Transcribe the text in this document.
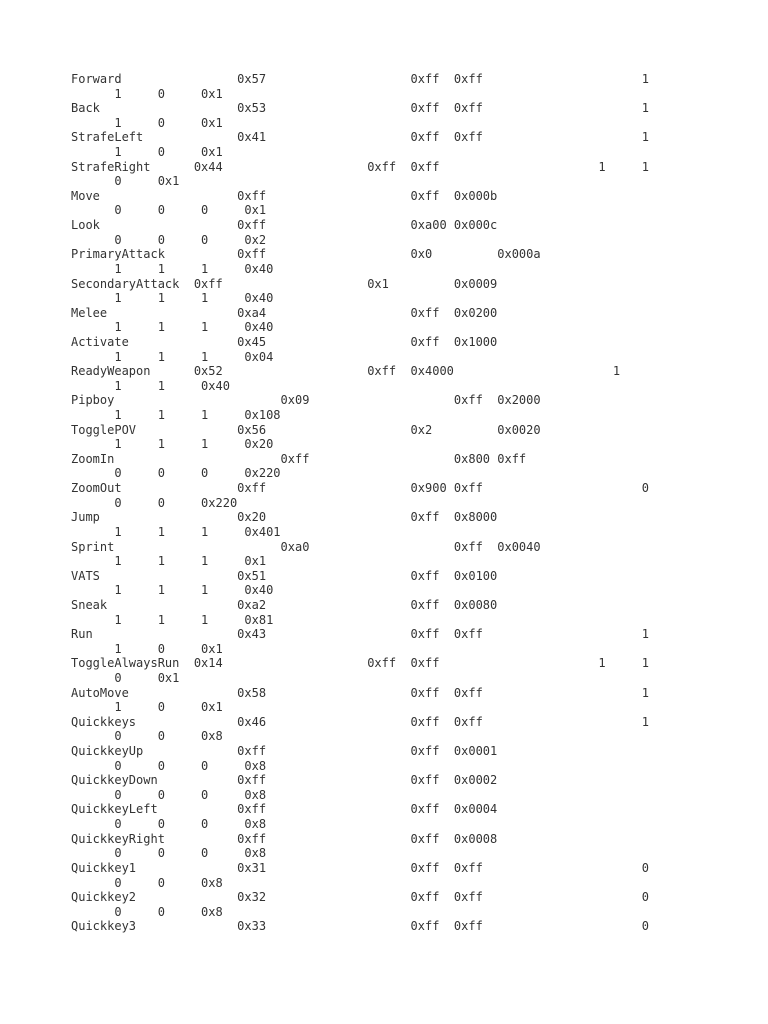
Forward                0x57                    0xff  0xff                      1
1     0     0x1
Back                   0x53                    0xff  0xff                      1
1     0     0x1
StrafeLeft             0x41                    0xff  0xff                      1
1     0     0x1
StrafeRight      0x44                    0xff  0xff                      1     1
0     0x1
Move                   0xff                    0xff  0x000b
0     0     0     0x1
Look                   0xff                    0xa00 0x000c
0     0     0     0x2
PrimaryAttack          0xff                    0x0         0x000a
1     1     1     0x40
SecondaryAttack  0xff                    0x1         0x0009
1     1     1     0x40
Melee                  0xa4                    0xff  0x0200
1     1     1     0x40
Activate               0x45                    0xff  0x1000
1     1     1     0x04
ReadyWeapon      0x52                    0xff  0x4000                      1
1     1     0x40
Pipboy                       0x09                    0xff  0x2000
1     1     1     0x108
TogglePOV              0x56                    0x2         0x0020
1     1     1     0x20
ZoomIn                       0xff                    0x800 0xff
0     0     0     0x220
ZoomOut                0xff                    0x900 0xff                      0
0     0     0x220
Jump                   0x20                    0xff  0x8000
1     1     1     0x401
Sprint                       0xa0                    0xff  0x0040
1     1     1     0x1
VATS                   0x51                    0xff  0x0100
1     1     1     0x40
Sneak                  0xa2                    0xff  0x0080
1     1     1     0x81
Run                    0x43                    0xff  0xff                      1
1     0     0x1
ToggleAlwaysRun  0x14                    0xff  0xff                      1     1
0     0x1
AutoMove               0x58                    0xff  0xff                      1
1     0     0x1
Quickkeys              0x46                    0xff  0xff                      1
0     0     0x8
QuickkeyUp             0xff                    0xff  0x0001
0     0     0     0x8
QuickkeyDown           0xff                    0xff  0x0002
0     0     0     0x8
QuickkeyLeft           0xff                    0xff  0x0004
0     0     0     0x8
QuickkeyRight          0xff                    0xff  0x0008
0     0     0     0x8
Quickkey1              0x31                    0xff  0xff                      0
0     0     0x8
Quickkey2              0x32                    0xff  0xff                      0
0     0     0x8
Quickkey3              0x33                    0xff  0xff                      0
